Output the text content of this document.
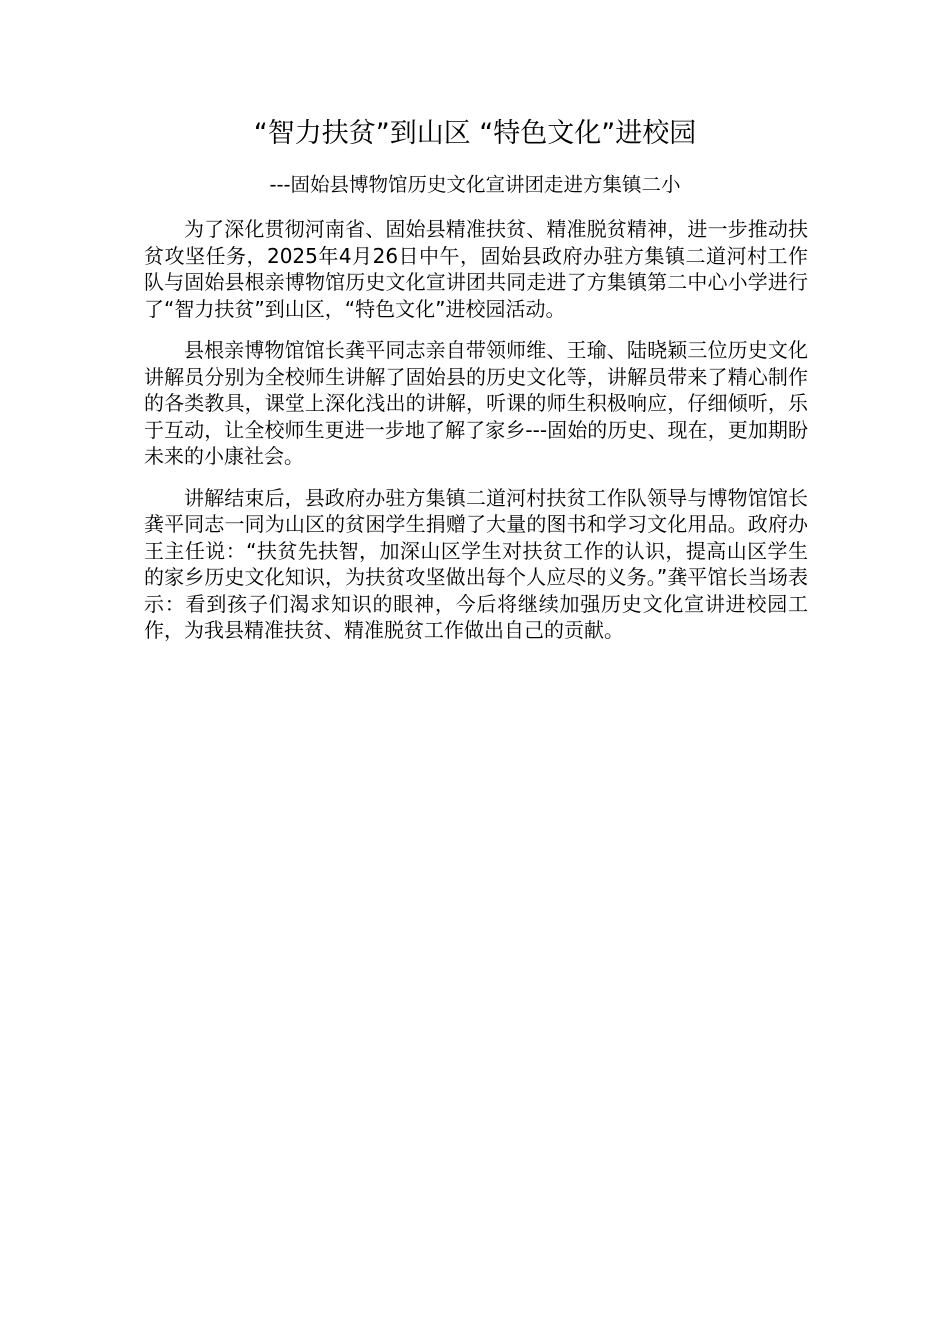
“智力扶贫”到山区 “特色文化”进校园

---固始县博物馆历史文化宣讲团走进方集镇二小

为了深化贯彻河南省、固始县精准扶贫、精准脱贫精神，进一步推动扶贫攻坚任务，2025年4月26日中午，固始县政府办驻方集镇二道河村工作队与固始县根亲博物馆历史文化宣讲团共同走进了方集镇第二中心小学进行了“智力扶贫”到山区，“特色文化”进校园活动。

县根亲博物馆馆长龚平同志亲自带领师维、王瑜、陆晓颖三位历史文化讲解员分别为全校师生讲解了固始县的历史文化等，讲解员带来了精心制作的各类教具，课堂上深化浅出的讲解，听课的师生积极响应，仔细倾听，乐于互动，让全校师生更进一步地了解了家乡---固始的历史、现在，更加期盼未来的小康社会。

讲解结束后，县政府办驻方集镇二道河村扶贫工作队领导与博物馆馆长龚平同志一同为山区的贫困学生捐赠了大量的图书和学习文化用品。政府办王主任说：“扶贫先扶智，加深山区学生对扶贫工作的认识，提高山区学生的家乡历史文化知识，为扶贫攻坚做出每个人应尽的义务。”龚平馆长当场表示：看到孩子们渴求知识的眼神，今后将继续加强历史文化宣讲进校园工作，为我县精准扶贫、精准脱贫工作做出自己的贡献。
